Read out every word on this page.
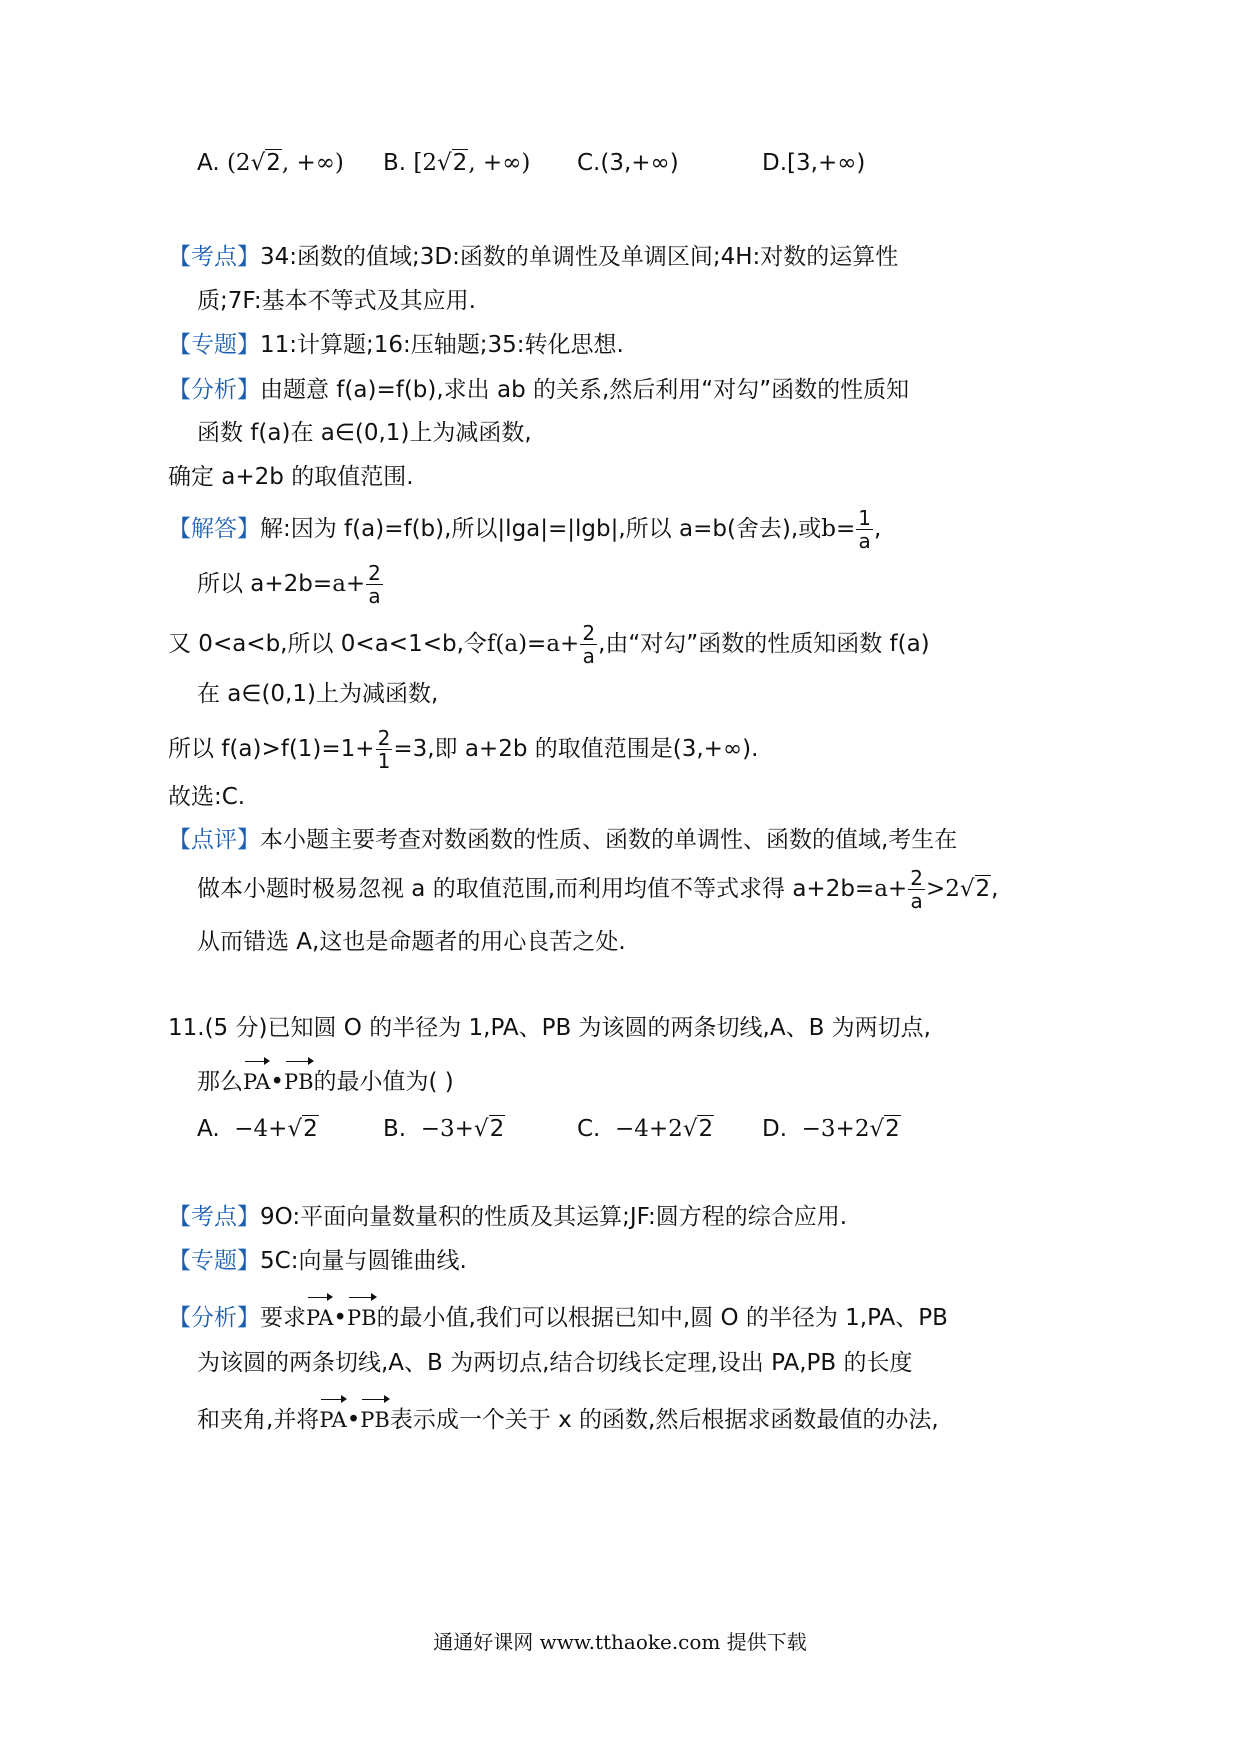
A. (2√2, +∞) B. [2√2, +∞) C.(3,+∞)	D.[3,+∞)
【考点】34:函数的值域;3D:函数的单调性及单调区间;4H:对数的运算性
质;7F:基本不等式及其应用.
【专题】11:计算题;16:压轴题;35:转化思想.
【分析】由题意 f(a)=f(b),求出 ab 的关系,然后利用“对勾”函数的性质知
函数 f(a)在 a∈(0,1)上为减函数,
确定 a+2b 的取值范围.
【解答】解:因为 f(a)=f(b),所以|lga|=|lgb|,所以 a=b(舍去),或$b= \frac{1}{a}$ ,
所以 $a+2b=a+ \frac{2}{a}$
又 0<a<b,所以 0<a<1<b,令$f(a)=a+ \frac{2}{a}$ ,由“对勾”函数的性质知函数 f(a)
在 a∈(0,1)上为减函数,
所以 $f(a)>f(1)=1+ \frac{2}{1} =3$,即 a+2b 的取值范围是(3,+∞).
故选:C.
【点评】本小题主要考查对数函数的性质、函数的单调性、函数的值域,考生在
做本小题时极易忽视 a 的取值范围,而利用均值不等式求得 $a+2b=a+ \frac{2}{a} >2√2$,
从而错选 A,这也是命题者的用心良苦之处.
11.(5 分)已知圆 O 的半径为 1,PA、PB 为该圆的两条切线,A、B 为两切点,
那么PA•PB的最小值为( )
A. −4+√2	B. −3+√2	C. −4+2√2 D. −3+2√2
【考点】9O:平面向量数量积的性质及其运算;JF:圆方程的综合应用.
【专题】5C:向量与圆锥曲线.
【分析】要求PA•PB的最小值,我们可以根据已知中,圆 O 的半径为 1,PA、PB
为该圆的两条切线,A、B 为两切点,结合切线长定理,设出 PA,PB 的长度
和夹角,并将PA•PB表示成一个关于 x 的函数,然后根据求函数最值的办法,
通通好课网 www.tthaoke.com 提供下载
